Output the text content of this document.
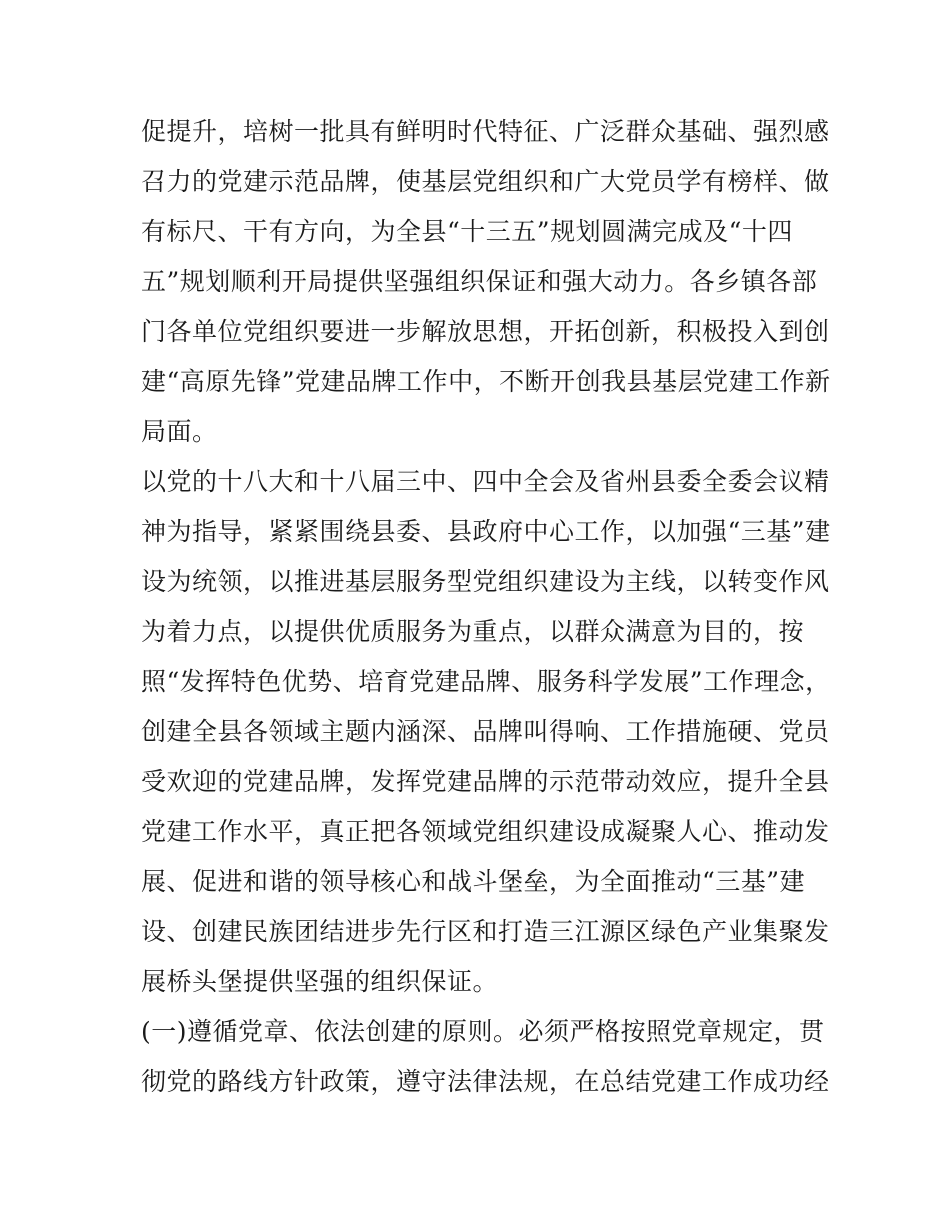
促提升，培树一批具有鲜明时代特征、广泛群众基础、强烈感
召力的党建示范品牌，使基层党组织和广大党员学有榜样、做
有标尺、干有方向，为全县“十三五”规划圆满完成及“十四
五”规划顺利开局提供坚强组织保证和强大动力。各乡镇各部
门各单位党组织要进一步解放思想，开拓创新，积极投入到创
建“高原先锋”党建品牌工作中，不断开创我县基层党建工作新
局面。
以党的十八大和十八届三中、四中全会及省州县委全委会议精
神为指导，紧紧围绕县委、县政府中心工作，以加强“三基”建
设为统领，以推进基层服务型党组织建设为主线，以转变作风
为着力点，以提供优质服务为重点，以群众满意为目的，按
照“发挥特色优势、培育党建品牌、服务科学发展”工作理念，
创建全县各领域主题内涵深、品牌叫得响、工作措施硬、党员
受欢迎的党建品牌，发挥党建品牌的示范带动效应，提升全县
党建工作水平，真正把各领域党组织建设成凝聚人心、推动发
展、促进和谐的领导核心和战斗堡垒，为全面推动“三基”建
设、创建民族团结进步先行区和打造三江源区绿色产业集聚发
展桥头堡提供坚强的组织保证。
(一)遵循党章、依法创建的原则。必须严格按照党章规定，贯
彻党的路线方针政策，遵守法律法规，在总结党建工作成功经
